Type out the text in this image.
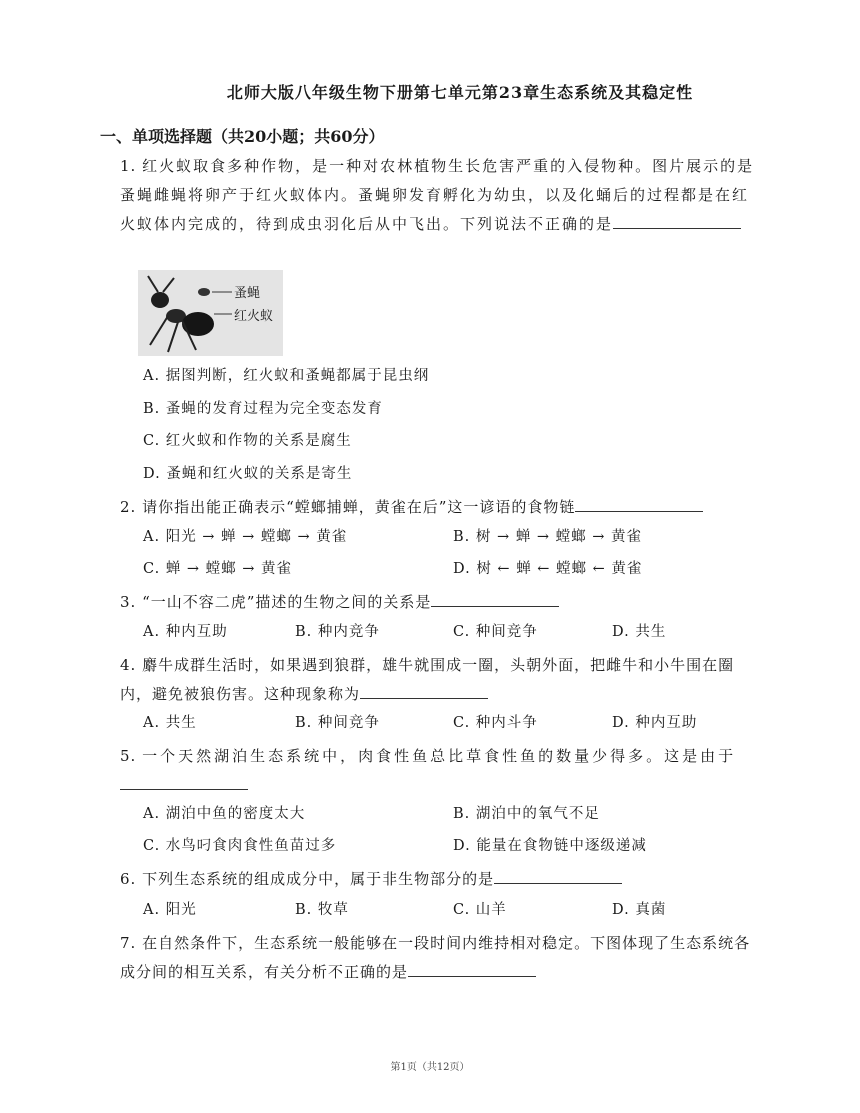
北师大版八年级生物下册第七单元第23章生态系统及其稳定性
一、单项选择题（共20小题；共60分）
1. 红火蚁取食多种作物，是一种对农林植物生长危害严重的入侵物种。图片展示的是蚤蝇雌蝇将卵产于红火蚁体内。蚤蝇卵发育孵化为幼虫，以及化蛹后的过程都是在红火蚁体内完成的，待到成虫羽化后从中飞出。下列说法不正确的是
蚤蝇
红火蚁
A. 据图判断，红火蚁和蚤蝇都属于昆虫纲
B. 蚤蝇的发育过程为完全变态发育
C. 红火蚁和作物的关系是腐生
D. 蚤蝇和红火蚁的关系是寄生
2. 请你指出能正确表示“螳螂捕蝉，黄雀在后”这一谚语的食物链
A. 阳光 → 蝉 → 螳螂 → 黄雀	B. 树 → 蝉 → 螳螂 → 黄雀
C. 蝉 → 螳螂 → 黄雀	D. 树 ← 蝉 ← 螳螂 ← 黄雀
3. “一山不容二虎”描述的生物之间的关系是
A. 种内互助	B. 种内竞争	C. 种间竞争	D. 共生
4. 麝牛成群生活时，如果遇到狼群，雄牛就围成一圈，头朝外面，把雌牛和小牛围在圈内，避免被狼伤害。这种现象称为
A. 共生	B. 种间竞争	C. 种内斗争	D. 种内互助
5. 一个天然湖泊生态系统中，肉食性鱼总比草食性鱼的数量少得多。这是由于
A. 湖泊中鱼的密度太大	B. 湖泊中的氧气不足
C. 水鸟叼食肉食性鱼苗过多	D. 能量在食物链中逐级递减
6. 下列生态系统的组成成分中，属于非生物部分的是
A. 阳光	B. 牧草	C. 山羊	D. 真菌
7. 在自然条件下，生态系统一般能够在一段时间内维持相对稳定。下图体现了生态系统各成分间的相互关系，有关分析不正确的是
第1页（共12页）
